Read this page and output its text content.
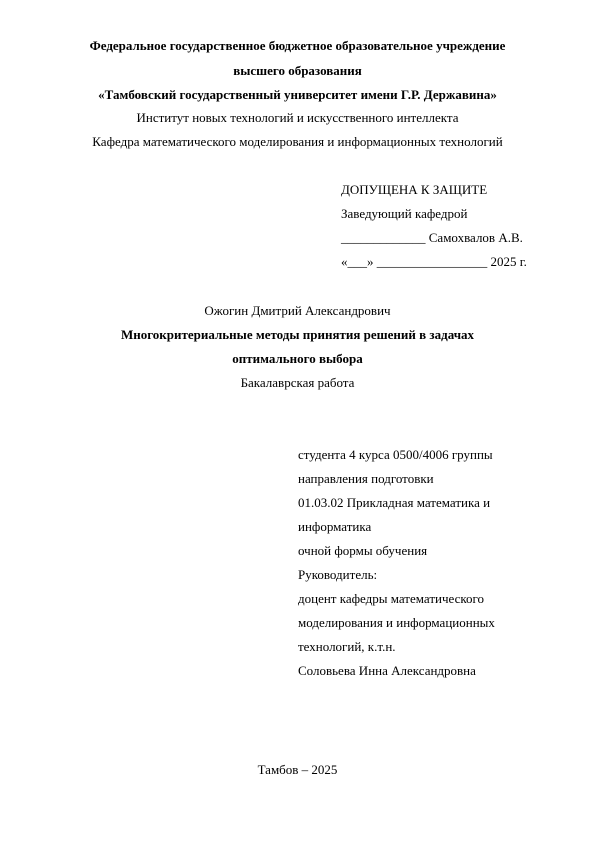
Федеральное государственное бюджетное образовательное учреждение
высшего образования
«Тамбовский государственный университет имени Г.Р. Державина»
Институт новых технологий и искусственного интеллекта
Кафедра математического моделирования и информационных технологий
ДОПУЩЕНА К ЗАЩИТЕ
Заведующий кафедрой
_____________ Самохвалов А.В.
«___» _________________ 2025 г.
Ожогин Дмитрий Александрович
Многокритериальные методы принятия решений в задачах
оптимального выбора
Бакалаврская работа
студента 4 курса 0500/4006 группы
направления подготовки
01.03.02 Прикладная математика и
информатика
очной формы обучения
Руководитель:
доцент кафедры математического
моделирования и информационных
технологий, к.т.н.
Соловьева Инна Александровна
Тамбов – 2025
